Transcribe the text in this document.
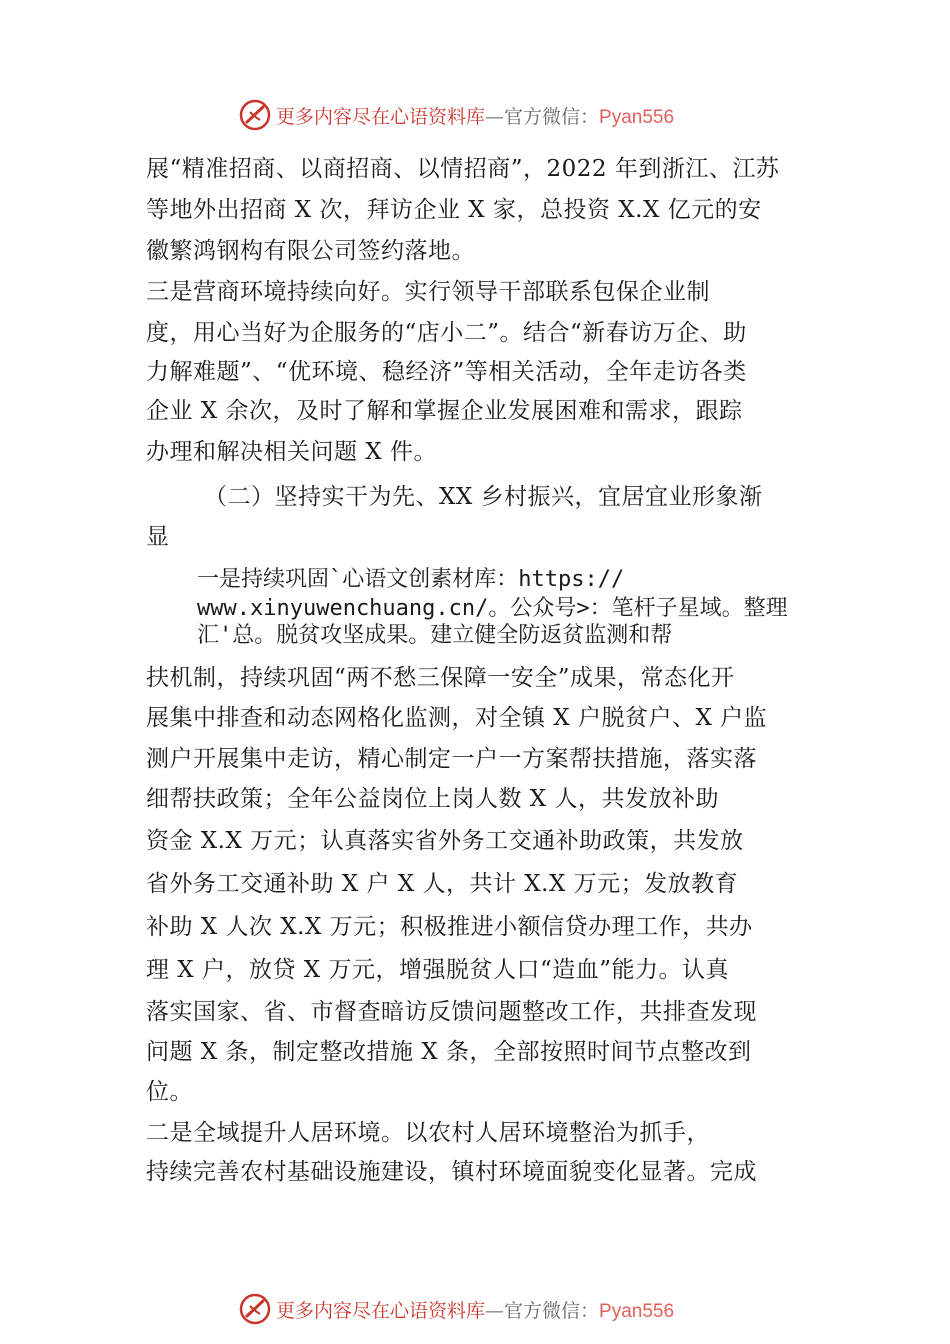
更多内容尽在心语资料库—官方微信：Pyan556
展“精准招商、以商招商、以情招商”，2022 年到浙江、江苏
等地外出招商 X 次，拜访企业 X 家，总投资 X.X 亿元的安
徽繁鸿钢构有限公司签约落地。
三是营商环境持续向好。实行领导干部联系包保企业制
度，用心当好为企服务的“店小二”。结合“新春访万企、助
力解难题”、“优环境、稳经济”等相关活动，全年走访各类
企业 X 余次，及时了解和掌握企业发展困难和需求，跟踪
办理和解决相关问题 X 件。
（二）坚持实干为先、XX 乡村振兴，宜居宜业形象渐
显
一是持续巩固`心语文创素材库：https://
www.xinyuwenchuang.cn/。公众号>：笔杆子星域。整理
汇'总。脱贫攻坚成果。建立健全防返贫监测和帮
扶机制，持续巩固“两不愁三保障一安全”成果，常态化开
展集中排查和动态网格化监测，对全镇 X 户脱贫户、X 户监
测户开展集中走访，精心制定一户一方案帮扶措施，落实落
细帮扶政策；全年公益岗位上岗人数 X 人，共发放补助
资金 X.X 万元；认真落实省外务工交通补助政策，共发放
省外务工交通补助 X 户 X 人，共计 X.X 万元；发放教育
补助 X 人次 X.X 万元；积极推进小额信贷办理工作，共办
理 X 户，放贷 X 万元，增强脱贫人口“造血”能力。认真
落实国家、省、市督查暗访反馈问题整改工作，共排查发现
问题 X 条，制定整改措施 X 条，全部按照时间节点整改到
位。
二是全域提升人居环境。以农村人居环境整治为抓手，
持续完善农村基础设施建设，镇村环境面貌变化显著。完成
更多内容尽在心语资料库—官方微信：Pyan556
